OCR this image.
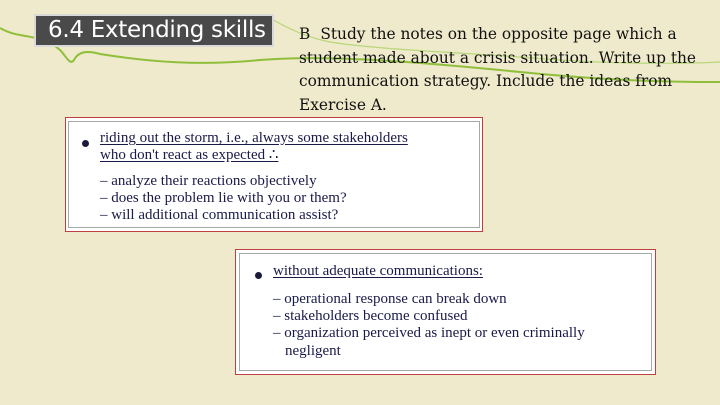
6.4 Extending skills B Study the notes on the opposite page which a student made about a crisis situation. Write up the communication strategy. Include the ideas from Exercise A.
riding out the storm, i.e., always some stakeholders
who don't react as expected ∴
– analyze their reactions objectively
– does the problem lie with you or them?
– will additional communication assist?
without adequate communications:
– operational response can break down
– stakeholders become confused
– organization perceived as inept or even criminally
negligent
